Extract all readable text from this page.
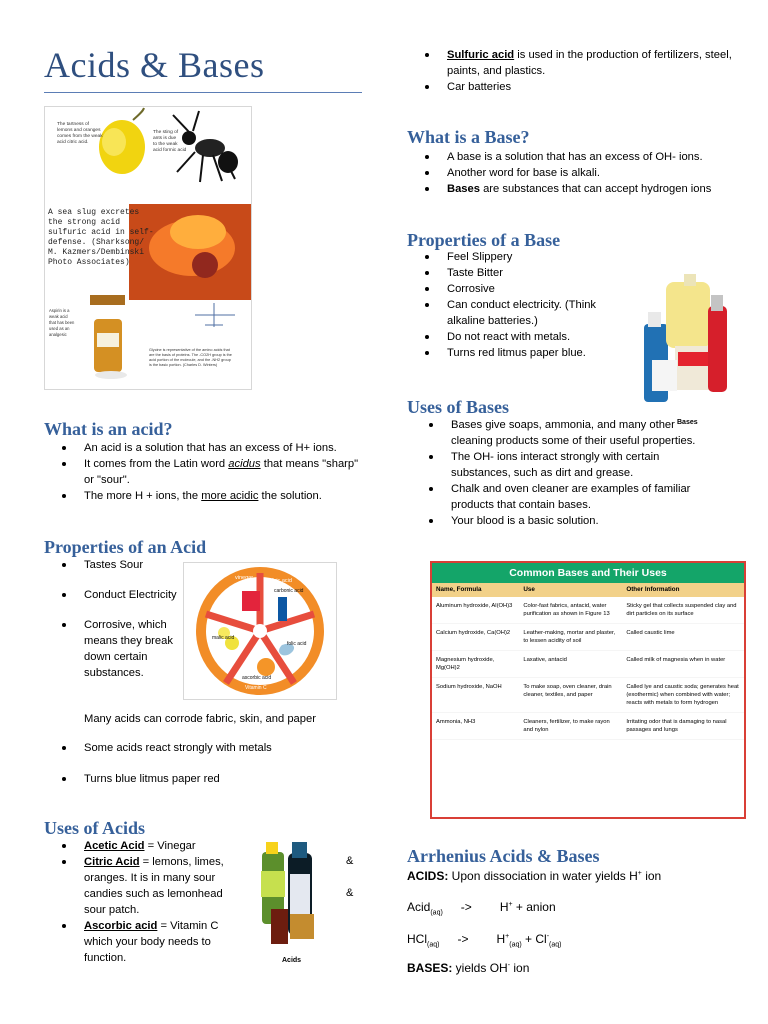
Acids & Bases
The tartness of lemons and oranges comes from the weak acid citric acid.
The sting of ants is due to the weak acid formic acid
A sea slug excretes the strong acid sulfuric acid in self- defense. (Sharksong/ M. Kazmers/Dembinski Photo Associates)
Aspirin is a weak acid that has been used as an analgesic
Glycine is representative of the amino acids that are the basis of proteins. The -CO2H group is the acid portion of the molecule, and the -NH2 group is the basic portion. (Charles D. Winters)
What is an acid?
An acid is a solution that has an excess of H+ ions.
It comes from the Latin word acidus that means "sharp" or "sour".
The more H + ions, the more acidic the solution.
Properties of an Acid
Tastes Sour
Conduct Electricity
Corrosive, which means they break down certain substances.
Many acids can corrode fabric, skin, and paper
Some acids react strongly with metals
Turns blue litmus paper red
vinegar	citric acid
carbonic acid
folic acid
ascorbic acid
malic acid
Vitamin C
Uses of Acids
Acetic Acid = Vinegar
Citric Acid = lemons, limes, oranges. It is in many sour candies such as lemonhead sour patch.
Ascorbic acid = Vitamin C which your body needs to function.
&
&
Acids
Sulfuric acid is used in the production of fertilizers, steel, paints, and plastics.
Car batteries
What is a Base?
A base is a solution that has an excess of OH- ions.
Another word for base is alkali.
Bases are substances that can accept hydrogen ions
Properties of a Base
Feel Slippery
Taste Bitter
Corrosive
Can conduct electricity. (Think alkaline batteries.)
Do not react with metals.
Turns red litmus paper blue.
Bases
Uses of Bases
Bases give soaps, ammonia, and many other cleaning products some of their useful properties.
The OH- ions interact strongly with certain substances, such as dirt and grease.
Chalk and oven cleaner are examples of familiar products that contain bases.
Your blood is a basic solution.
Common Bases and Their Uses
Name, Formula	Use	Other Information
Aluminum hydroxide, Al(OH)3	Color-fast fabrics, antacid, water purification as shown in Figure 13	Sticky gel that collects suspended clay and dirt particles on its surface
Calcium hydroxide, Ca(OH)2	Leather-making, mortar and plaster, to lessen acidity of soil	Called caustic lime
Magnesium hydroxide, Mg(OH)2	Laxative, antacid	Called milk of magnesia when in water
Sodium hydroxide, NaOH	To make soap, oven cleaner, drain cleaner, textiles, and paper	Called lye and caustic soda; generates heat (exothermic) when combined with water; reacts with metals to form hydrogen
Ammonia, NH3	Cleaners, fertilizer, to make rayon and nylon	Irritating odor that is damaging to nasal passages and lungs
Arrhenius Acids & Bases
ACIDS: Upon dissociation in water yields H+ ion
Acid$_{(aq)}$ -> H+ + anion
$HCl_{(aq)} -> H^+_{(aq)} + Cl^-_{(aq)}$
BASES: yields OH- ion
